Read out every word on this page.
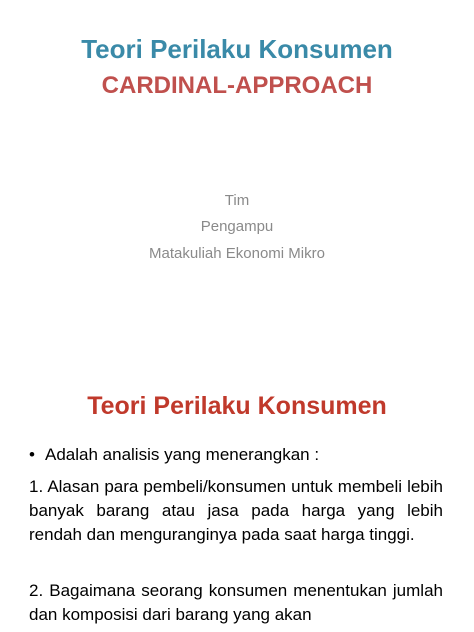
Teori Perilaku Konsumen
CARDINAL-APPROACH
Tim
Pengampu
Matakuliah Ekonomi Mikro
Teori Perilaku Konsumen
• Adalah analisis yang menerangkan :
1. Alasan para pembeli/konsumen untuk membeli lebih banyak barang atau jasa pada harga yang lebih rendah dan menguranginya pada saat harga tinggi.
2. Bagaimana seorang konsumen menentukan jumlah dan komposisi dari barang yang akan
